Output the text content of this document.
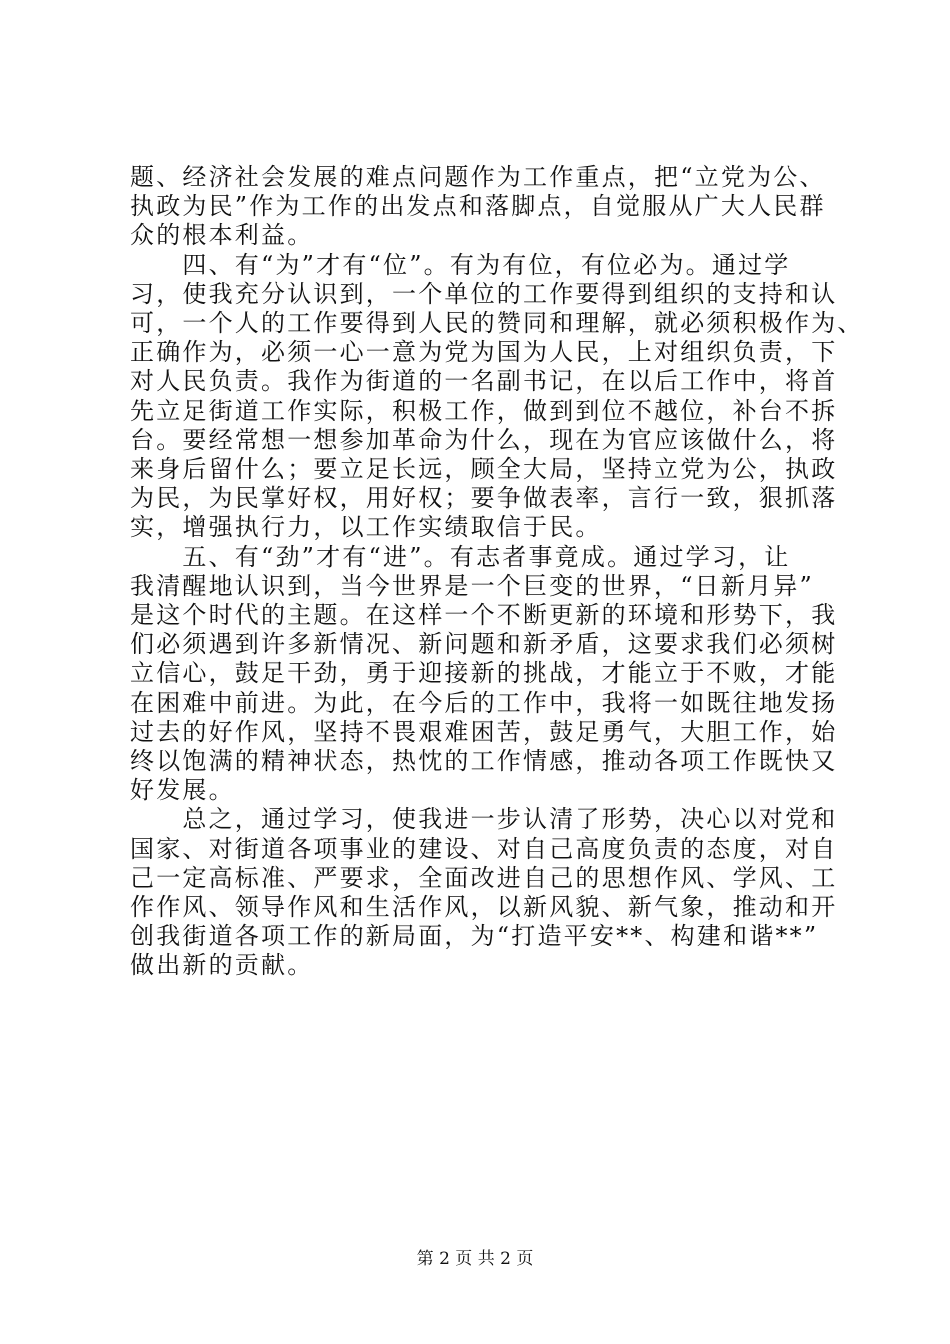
题、经济社会发展的难点问题作为工作重点，把“立党为公、
执政为民”作为工作的出发点和落脚点，自觉服从广大人民群
众的根本利益。
　　四、有“为”才有“位”。有为有位，有位必为。通过学
习，使我充分认识到，一个单位的工作要得到组织的支持和认
可，一个人的工作要得到人民的赞同和理解，就必须积极作为、
正确作为，必须一心一意为党为国为人民，上对组织负责，下
对人民负责。我作为街道的一名副书记，在以后工作中，将首
先立足街道工作实际，积极工作，做到到位不越位，补台不拆
台。要经常想一想参加革命为什么，现在为官应该做什么，将
来身后留什么；要立足长远，顾全大局，坚持立党为公，执政
为民，为民掌好权，用好权；要争做表率，言行一致，狠抓落
实，增强执行力，以工作实绩取信于民。
　　五、有“劲”才有“进”。有志者事竟成。通过学习，让
我清醒地认识到，当今世界是一个巨变的世界，“日新月异”
是这个时代的主题。在这样一个不断更新的环境和形势下，我
们必须遇到许多新情况、新问题和新矛盾，这要求我们必须树
立信心，鼓足干劲，勇于迎接新的挑战，才能立于不败，才能
在困难中前进。为此，在今后的工作中，我将一如既往地发扬
过去的好作风，坚持不畏艰难困苦，鼓足勇气，大胆工作，始
终以饱满的精神状态，热忱的工作情感，推动各项工作既快又
好发展。
　　总之，通过学习，使我进一步认清了形势，决心以对党和
国家、对街道各项事业的建设、对自己高度负责的态度，对自
己一定高标准、严要求，全面改进自己的思想作风、学风、工
作作风、领导作风和生活作风，以新风貌、新气象，推动和开
创我街道各项工作的新局面，为“打造平安**、构建和谐**”
做出新的贡献。
第 2 页 共 2 页
